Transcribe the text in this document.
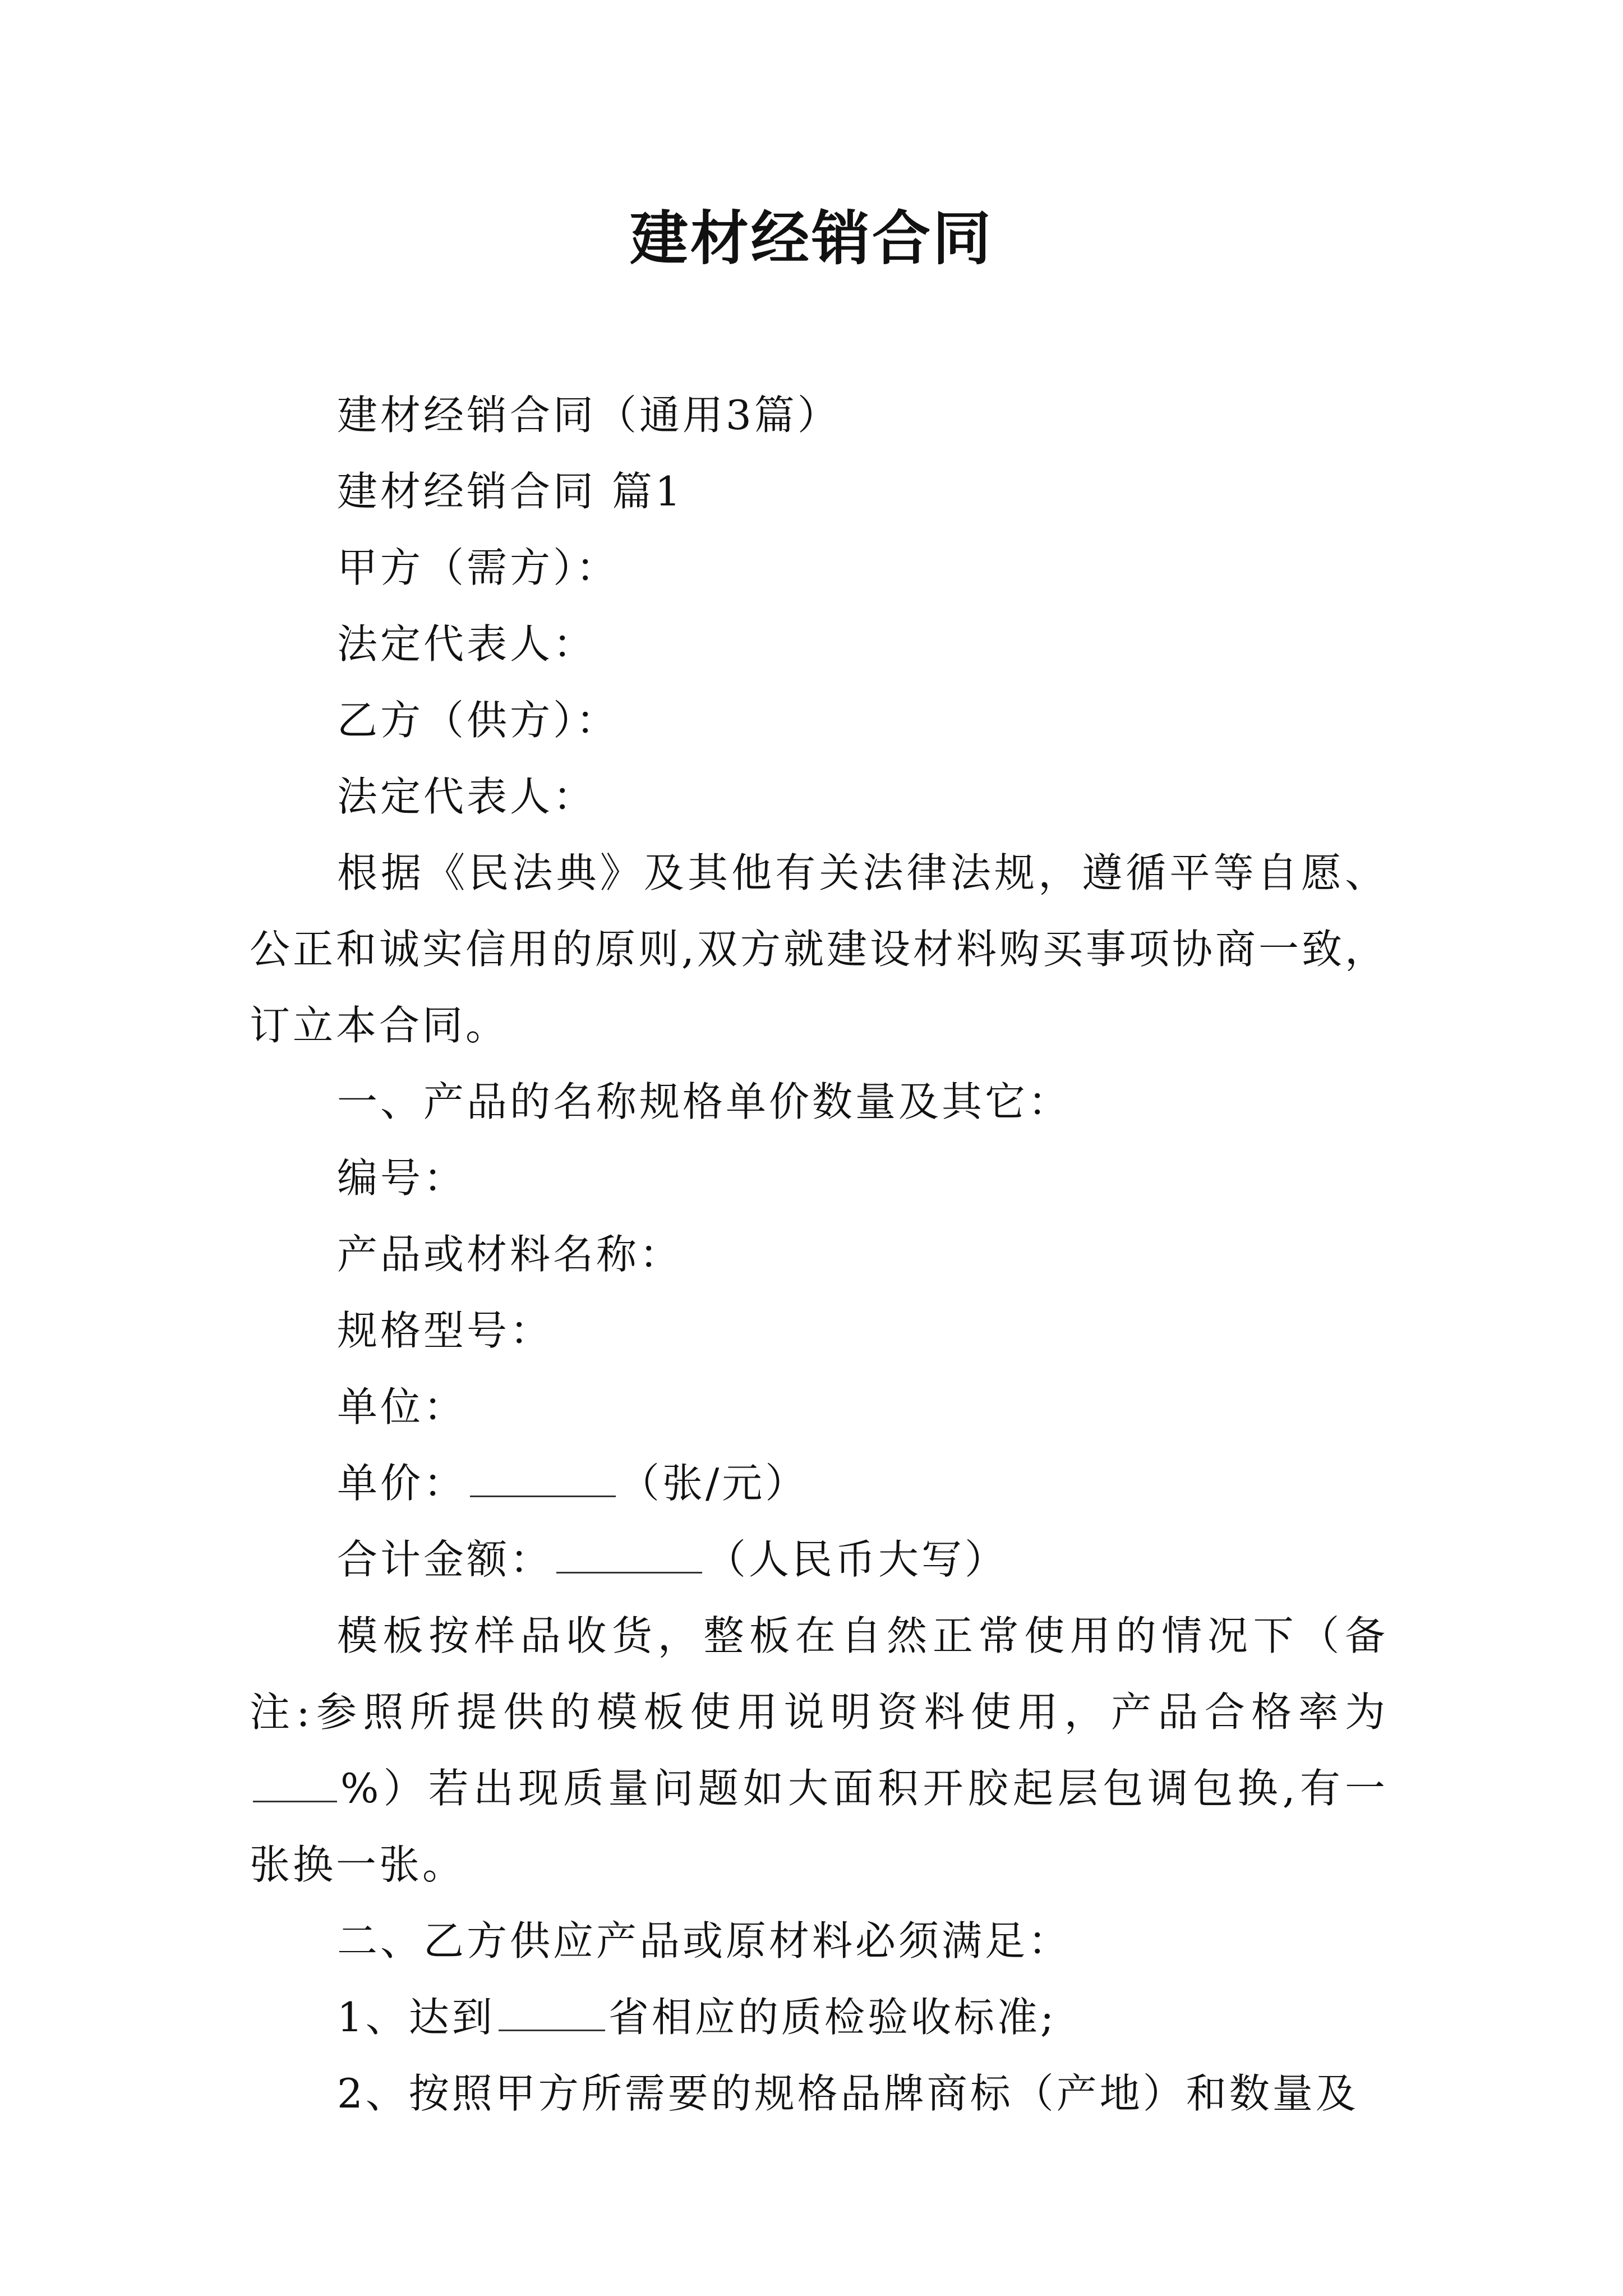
建材经销合同

建材经销合同（通用3篇）

建材经销合同 篇1

甲方（需方）：

法定代表人：

乙方（供方）：

法定代表人：

根据《民法典》及其他有关法律法规，遵循平等自愿、公正和诚实信用的原则,双方就建设材料购买事项协商一致，订立本合同。

一、产品的名称规格单价数量及其它：

编号：

产品或材料名称：

规格型号：

单位：

单价：	（张/元）

合计金额：	（人民币大写）

模板按样品收货，整板在自然正常使用的情况下（备注:参照所提供的模板使用说明资料使用，产品合格率为%）若出现质量问题如大面积开胶起层包调包换,有一张换一张。

二、乙方供应产品或原材料必须满足：

1、达到	省相应的质检验收标准;

2、按照甲方所需要的规格品牌商标（产地）和数量及
